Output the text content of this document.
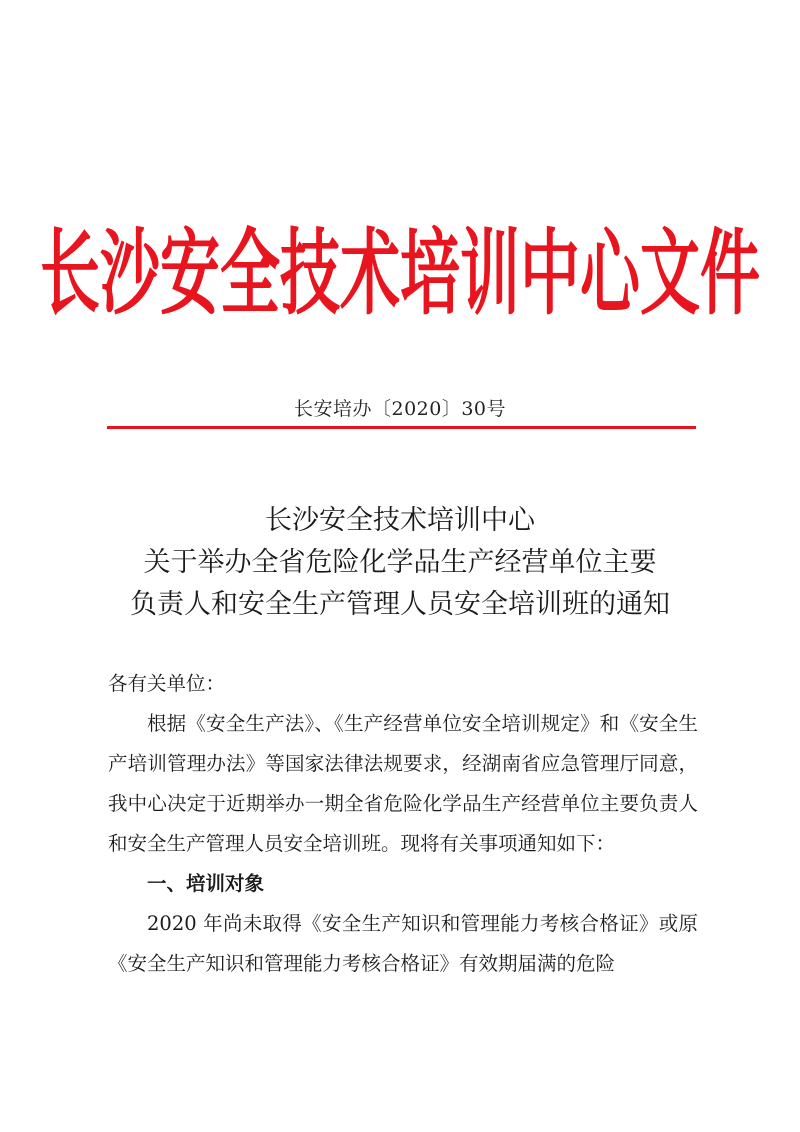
长沙安全技术培训中心文件
长安培办〔2020〕30号
长沙安全技术培训中心
关于举办全省危险化学品生产经营单位主要
负责人和安全生产管理人员安全培训班的通知

各有关单位：

根据《安全生产法》、《生产经营单位安全培训规定》和《安全生产培训管理办法》等国家法律法规要求，经湖南省应急管理厅同意，我中心决定于近期举办一期全省危险化学品生产经营单位主要负责人和安全生产管理人员安全培训班。现将有关事项通知如下：

一、培训对象

2020 年尚未取得《安全生产知识和管理能力考核合格证》或原《安全生产知识和管理能力考核合格证》有效期届满的危险
